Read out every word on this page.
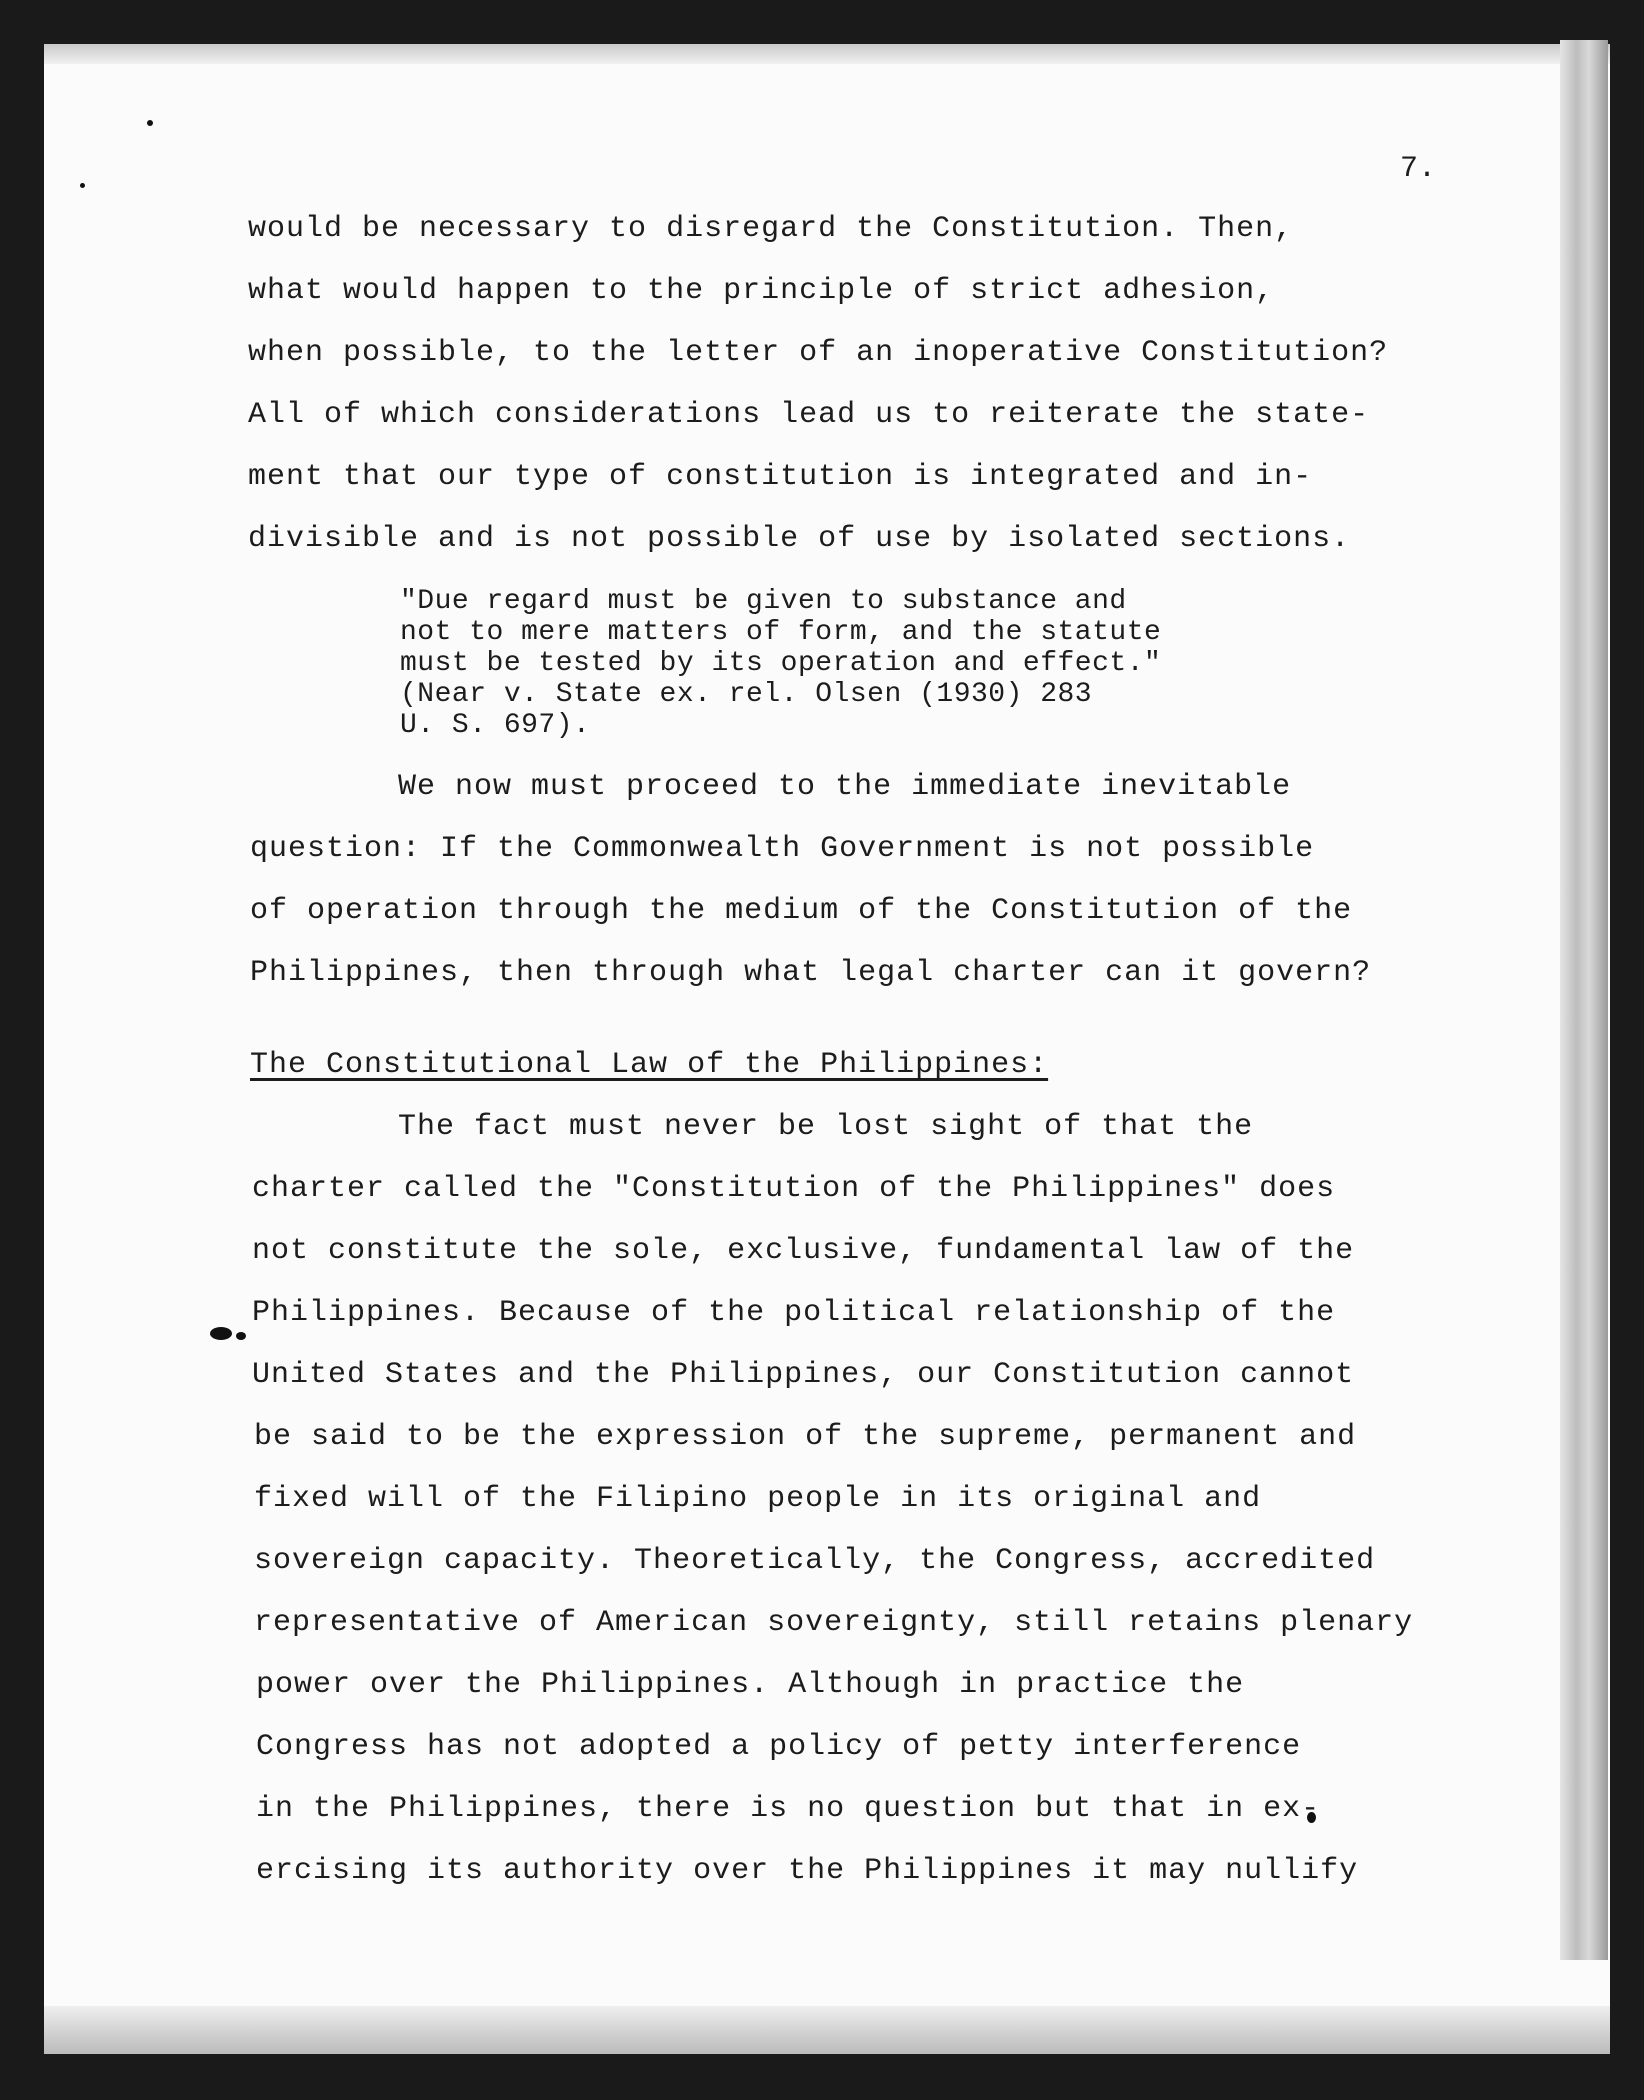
7.
would be necessary to disregard the Constitution. Then,
what would happen to the principle of strict adhesion,
when possible, to the letter of an inoperative Constitution?
All of which considerations lead us to reiterate the state-
ment that our type of constitution is integrated and in-
divisible and is not possible of use by isolated sections.
"Due regard must be given to substance and
not to mere matters of form, and the statute
must be tested by its operation and effect."
(Near v. State ex. rel. Olsen (1930) 283
U. S. 697).
We now must proceed to the immediate inevitable
question: If the Commonwealth Government is not possible
of operation through the medium of the Constitution of the
Philippines, then through what legal charter can it govern?
The Constitutional Law of the Philippines:
The fact must never be lost sight of that the
charter called the "Constitution of the Philippines" does
not constitute the sole, exclusive, fundamental law of the
Philippines. Because of the political relationship of the
United States and the Philippines, our Constitution cannot
be said to be the expression of the supreme, permanent and
fixed will of the Filipino people in its original and
sovereign capacity. Theoretically, the Congress, accredited
representative of American sovereignty, still retains plenary
power over the Philippines. Although in practice the
Congress has not adopted a policy of petty interference
in the Philippines, there is no question but that in ex-
ercising its authority over the Philippines it may nullify
